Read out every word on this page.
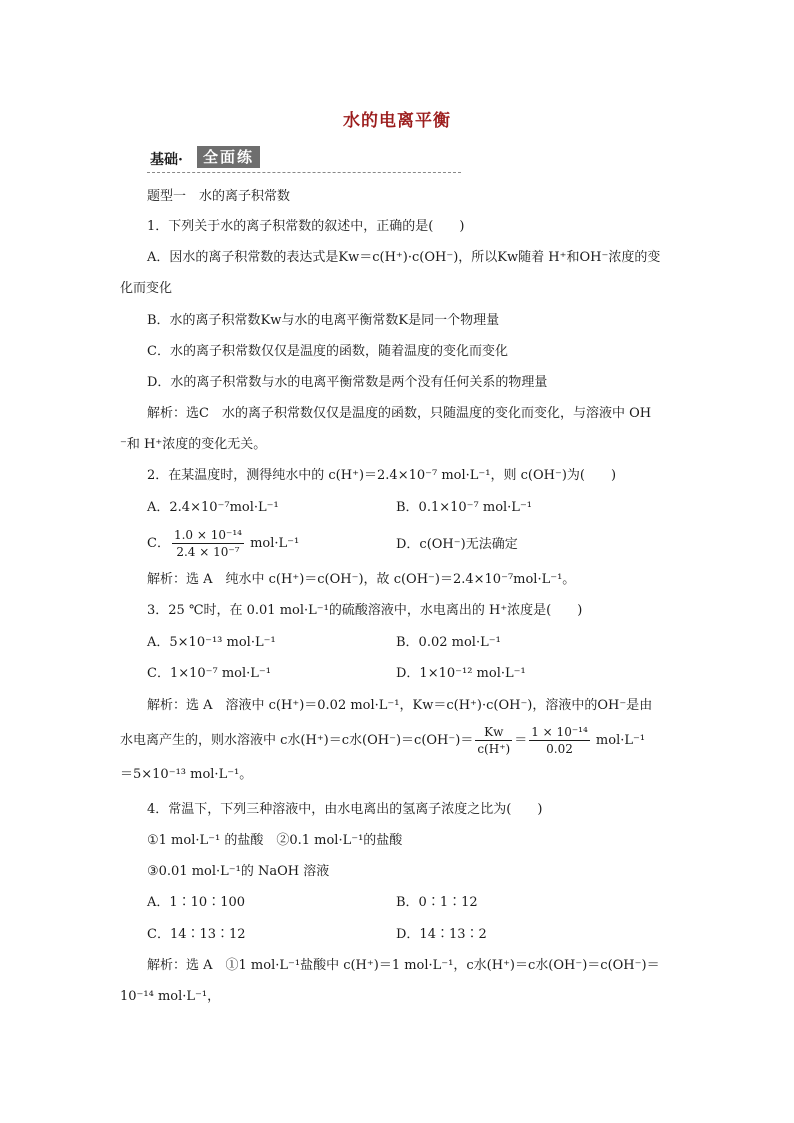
水的电离平衡
基础·	全面练
题型一　水的离子积常数
1．下列关于水的离子积常数的叙述中，正确的是(　　)
A．因水的离子积常数的表达式是Kw＝c(H⁺)·c(OH⁻)，所以Kw随着 H⁺和OH⁻浓度的变
化而变化
B．水的离子积常数Kw与水的电离平衡常数K是同一个物理量
C．水的离子积常数仅仅是温度的函数，随着温度的变化而变化
D．水的离子积常数与水的电离平衡常数是两个没有任何关系的物理量
解析：选C　水的离子积常数仅仅是温度的函数，只随温度的变化而变化，与溶液中 OH
⁻和 H⁺浓度的变化无关。
2．在某温度时，测得纯水中的 c(H⁺)＝2.4×10⁻⁷ mol·L⁻¹，则 c(OH⁻)为(　　)
A．2.4×10⁻⁷mol·L⁻¹	B．0.1×10⁻⁷ mol·L⁻¹
C． $\frac{\text{1.0 × 10⁻¹⁴}}{\text{2.4 × 10⁻⁷}} mol\cdot L^{-1}$	D．c(OH⁻)无法确定
解析：选 A　纯水中 c(H⁺)＝c(OH⁻)，故 c(OH⁻)＝2.4×10⁻⁷mol·L⁻¹。
3．25 ℃时，在 0.01 mol·L⁻¹的硫酸溶液中，水电离出的 H⁺浓度是(　　)
A．5×10⁻¹³ mol·L⁻¹	B．0.02 mol·L⁻¹
C．1×10⁻⁷ mol·L⁻¹	D．1×10⁻¹² mol·L⁻¹
解析：选 A　溶液中 c(H⁺)＝0.02 mol·L⁻¹，Kw＝c(H⁺)·c(OH⁻)，溶液中的OH⁻是由
水电离产生的，则水溶液中 c水(H⁺)＝c水$(OH^-)=c(OH^-)= \frac{Kw}{c(H^+)} = \frac{\text{1 × 10⁻¹⁴}}{0.02} mol\cdot L^{-1}$
＝5×10⁻¹³ mol·L⁻¹。
4．常温下，下列三种溶液中，由水电离出的氢离子浓度之比为(　　)
①1 mol·L⁻¹ 的盐酸　②0.1 mol·L⁻¹的盐酸
③0.01 mol·L⁻¹的 NaOH 溶液
A．1∶10∶100	B．0∶1∶12
C．14∶13∶12	D．14∶13∶2
解析：选 A　①1 mol·L⁻¹盐酸中 c(H⁺)＝1 mol·L⁻¹，c水(H⁺)＝c水(OH⁻)＝c(OH⁻)＝
10⁻¹⁴ mol·L⁻¹，
